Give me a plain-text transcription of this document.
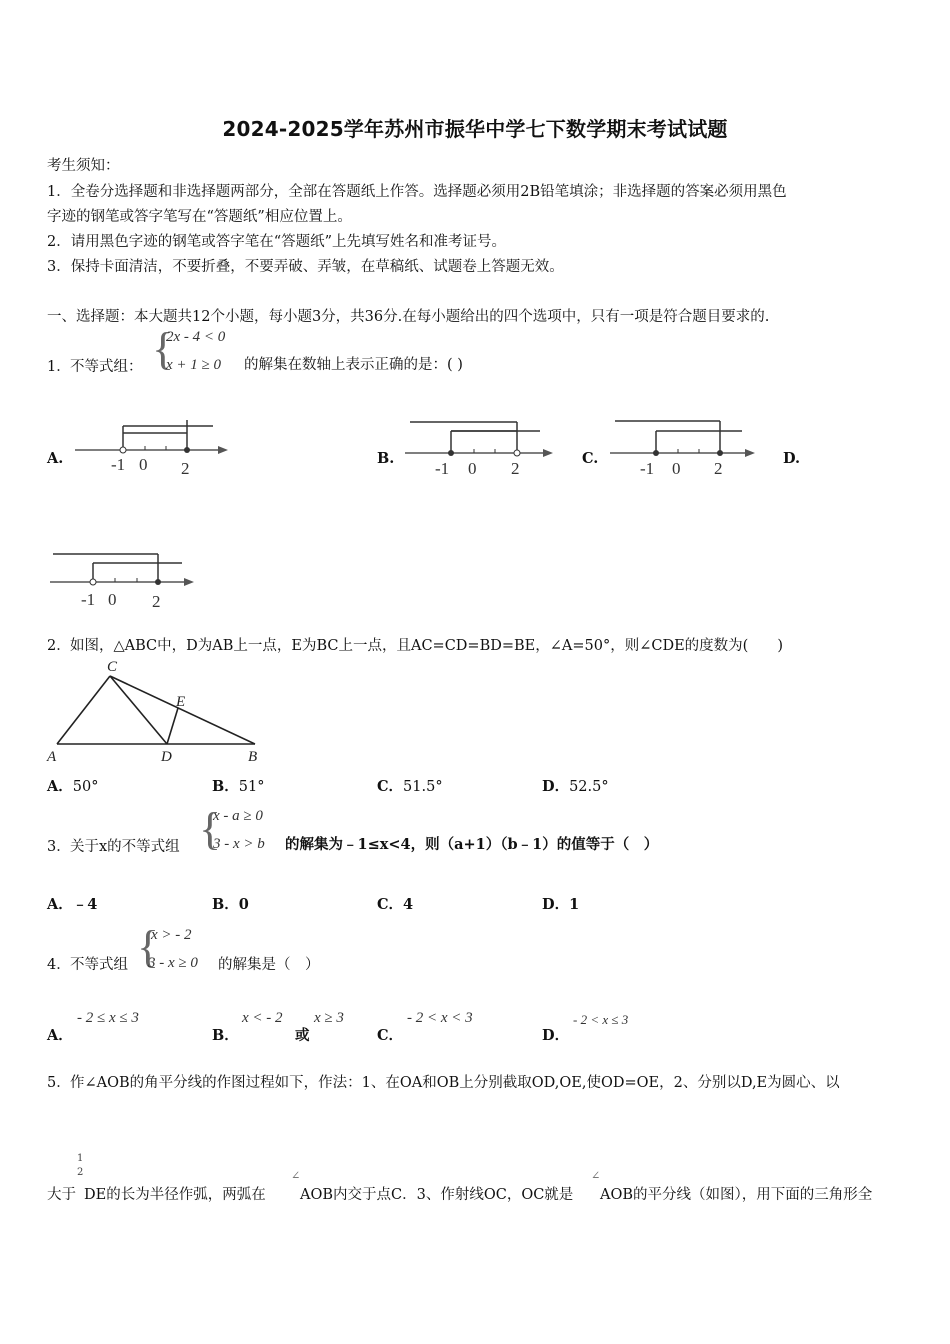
2024-2025学年苏州市振华中学七下数学期末考试试题
考生须知：
1．全卷分选择题和非选择题两部分，全部在答题纸上作答。选择题必须用2B铅笔填涂；非选择题的答案必须用黑色
字迹的钢笔或答字笔写在“答题纸”相应位置上。
2．请用黑色字迹的钢笔或答字笔在“答题纸”上先填写姓名和准考证号。
3．保持卡面清洁，不要折叠，不要弄破、弄皱，在草稿纸、试题卷上答题无效。
一、选择题：本大题共12个小题，每小题3分，共36分.在每小题给出的四个选项中，只有一项是符合题目要求的.
1． 不等式组： {
2x - 4 < 0
x + 1 ≥ 0 的解集在数轴上表示正确的是：( )
A.	B.	C.	D.
-1 0 2	-1 0 2	-1 0 2
-1 0 2
2． 如图，△ABC中，D为AB上一点，E为BC上一点，且AC=CD=BD=BE，∠A=50°，则∠CDE的度数为(　　)
C
E
A	D	B
A．50°	B．51°	C．51.5°	D．52.5°
3． 关于x的不等式组 {
x - a ≥ 0
3 - x > b 的解集为﹣1≤x<4，则（a+1）（b﹣1）的值等于（　）
A．﹣4	B．0	C．4	D．1
4． 不等式组 {
x > - 2
3 - x ≥ 0 的解集是（　）
A．
- 2 ≤ x ≤ 3
B．
x < - 2
或
x ≥ 3
C．
- 2 < x < 3
D．
- 2 < x ≤ 3
5． 作∠AOB的角平分线的作图过程如下，作法：1、在OA和OB上分别截取OD,OE,使OD=OE，2、分别以D,E为圆心、以
1
2
大于 DE的长为半径作弧，两弧在
∠
AOB内交于点C．3、作射线OC，OC就是
∠
AOB的平分线（如图），用下面的三角形全
